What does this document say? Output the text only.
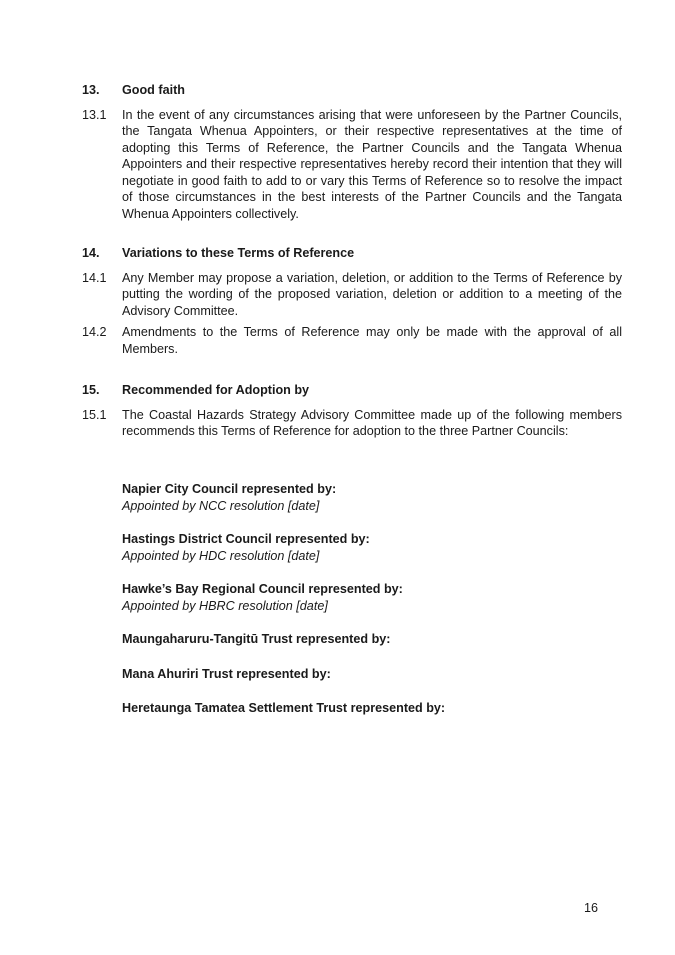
13.	Good faith
13.1	In the event of any circumstances arising that were unforeseen by the Partner Councils, the Tangata Whenua Appointers, or their respective representatives at the time of adopting this Terms of Reference, the Partner Councils and the Tangata Whenua Appointers and their respective representatives hereby record their intention that they will negotiate in good faith to add to or vary this Terms of Reference so to resolve the impact of those circumstances in the best interests of the Partner Councils and the Tangata Whenua Appointers collectively.
14.	Variations to these Terms of Reference
14.1	Any Member may propose a variation, deletion, or addition to the Terms of Reference by putting the wording of the proposed variation, deletion or addition to a meeting of the Advisory Committee.
14.2	Amendments to the Terms of Reference may only be made with the approval of all Members.
15.	Recommended for Adoption by
15.1	The Coastal Hazards Strategy Advisory Committee made up of the following members recommends this Terms of Reference for adoption to the three Partner Councils:
Napier City Council represented by:
Appointed by NCC resolution [date]
Hastings District Council represented by:
Appointed by HDC resolution [date]
Hawke’s Bay Regional Council represented by:
Appointed by HBRC resolution [date]
Maungaharuru-Tangitū Trust represented by:
Mana Ahuriri Trust represented by:
Heretaunga Tamatea Settlement Trust represented by:
16
